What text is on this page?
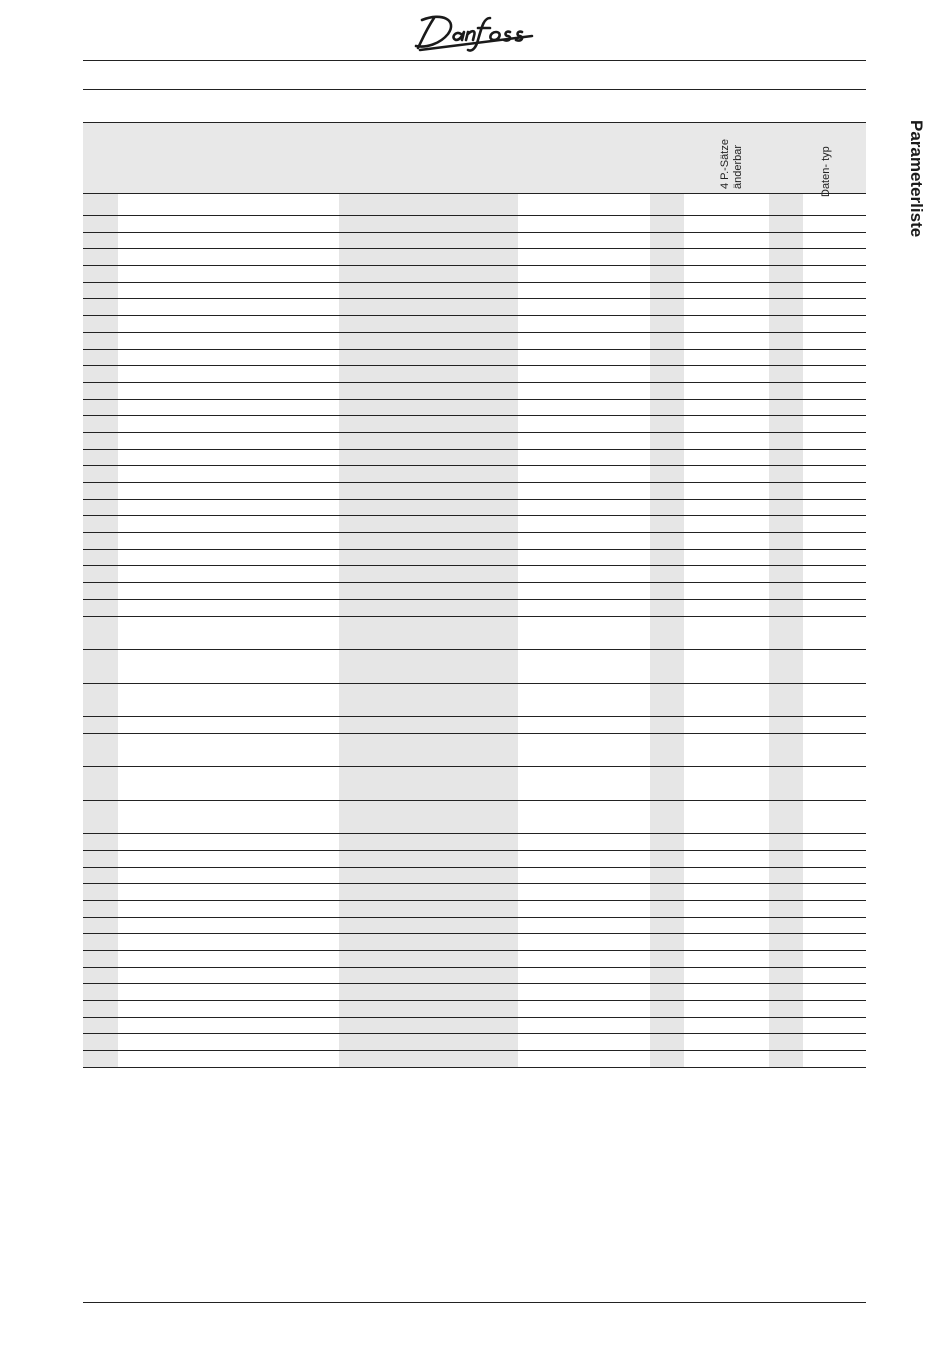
Parameterliste
4 P.-Sätze änderbar	Daten- typ
